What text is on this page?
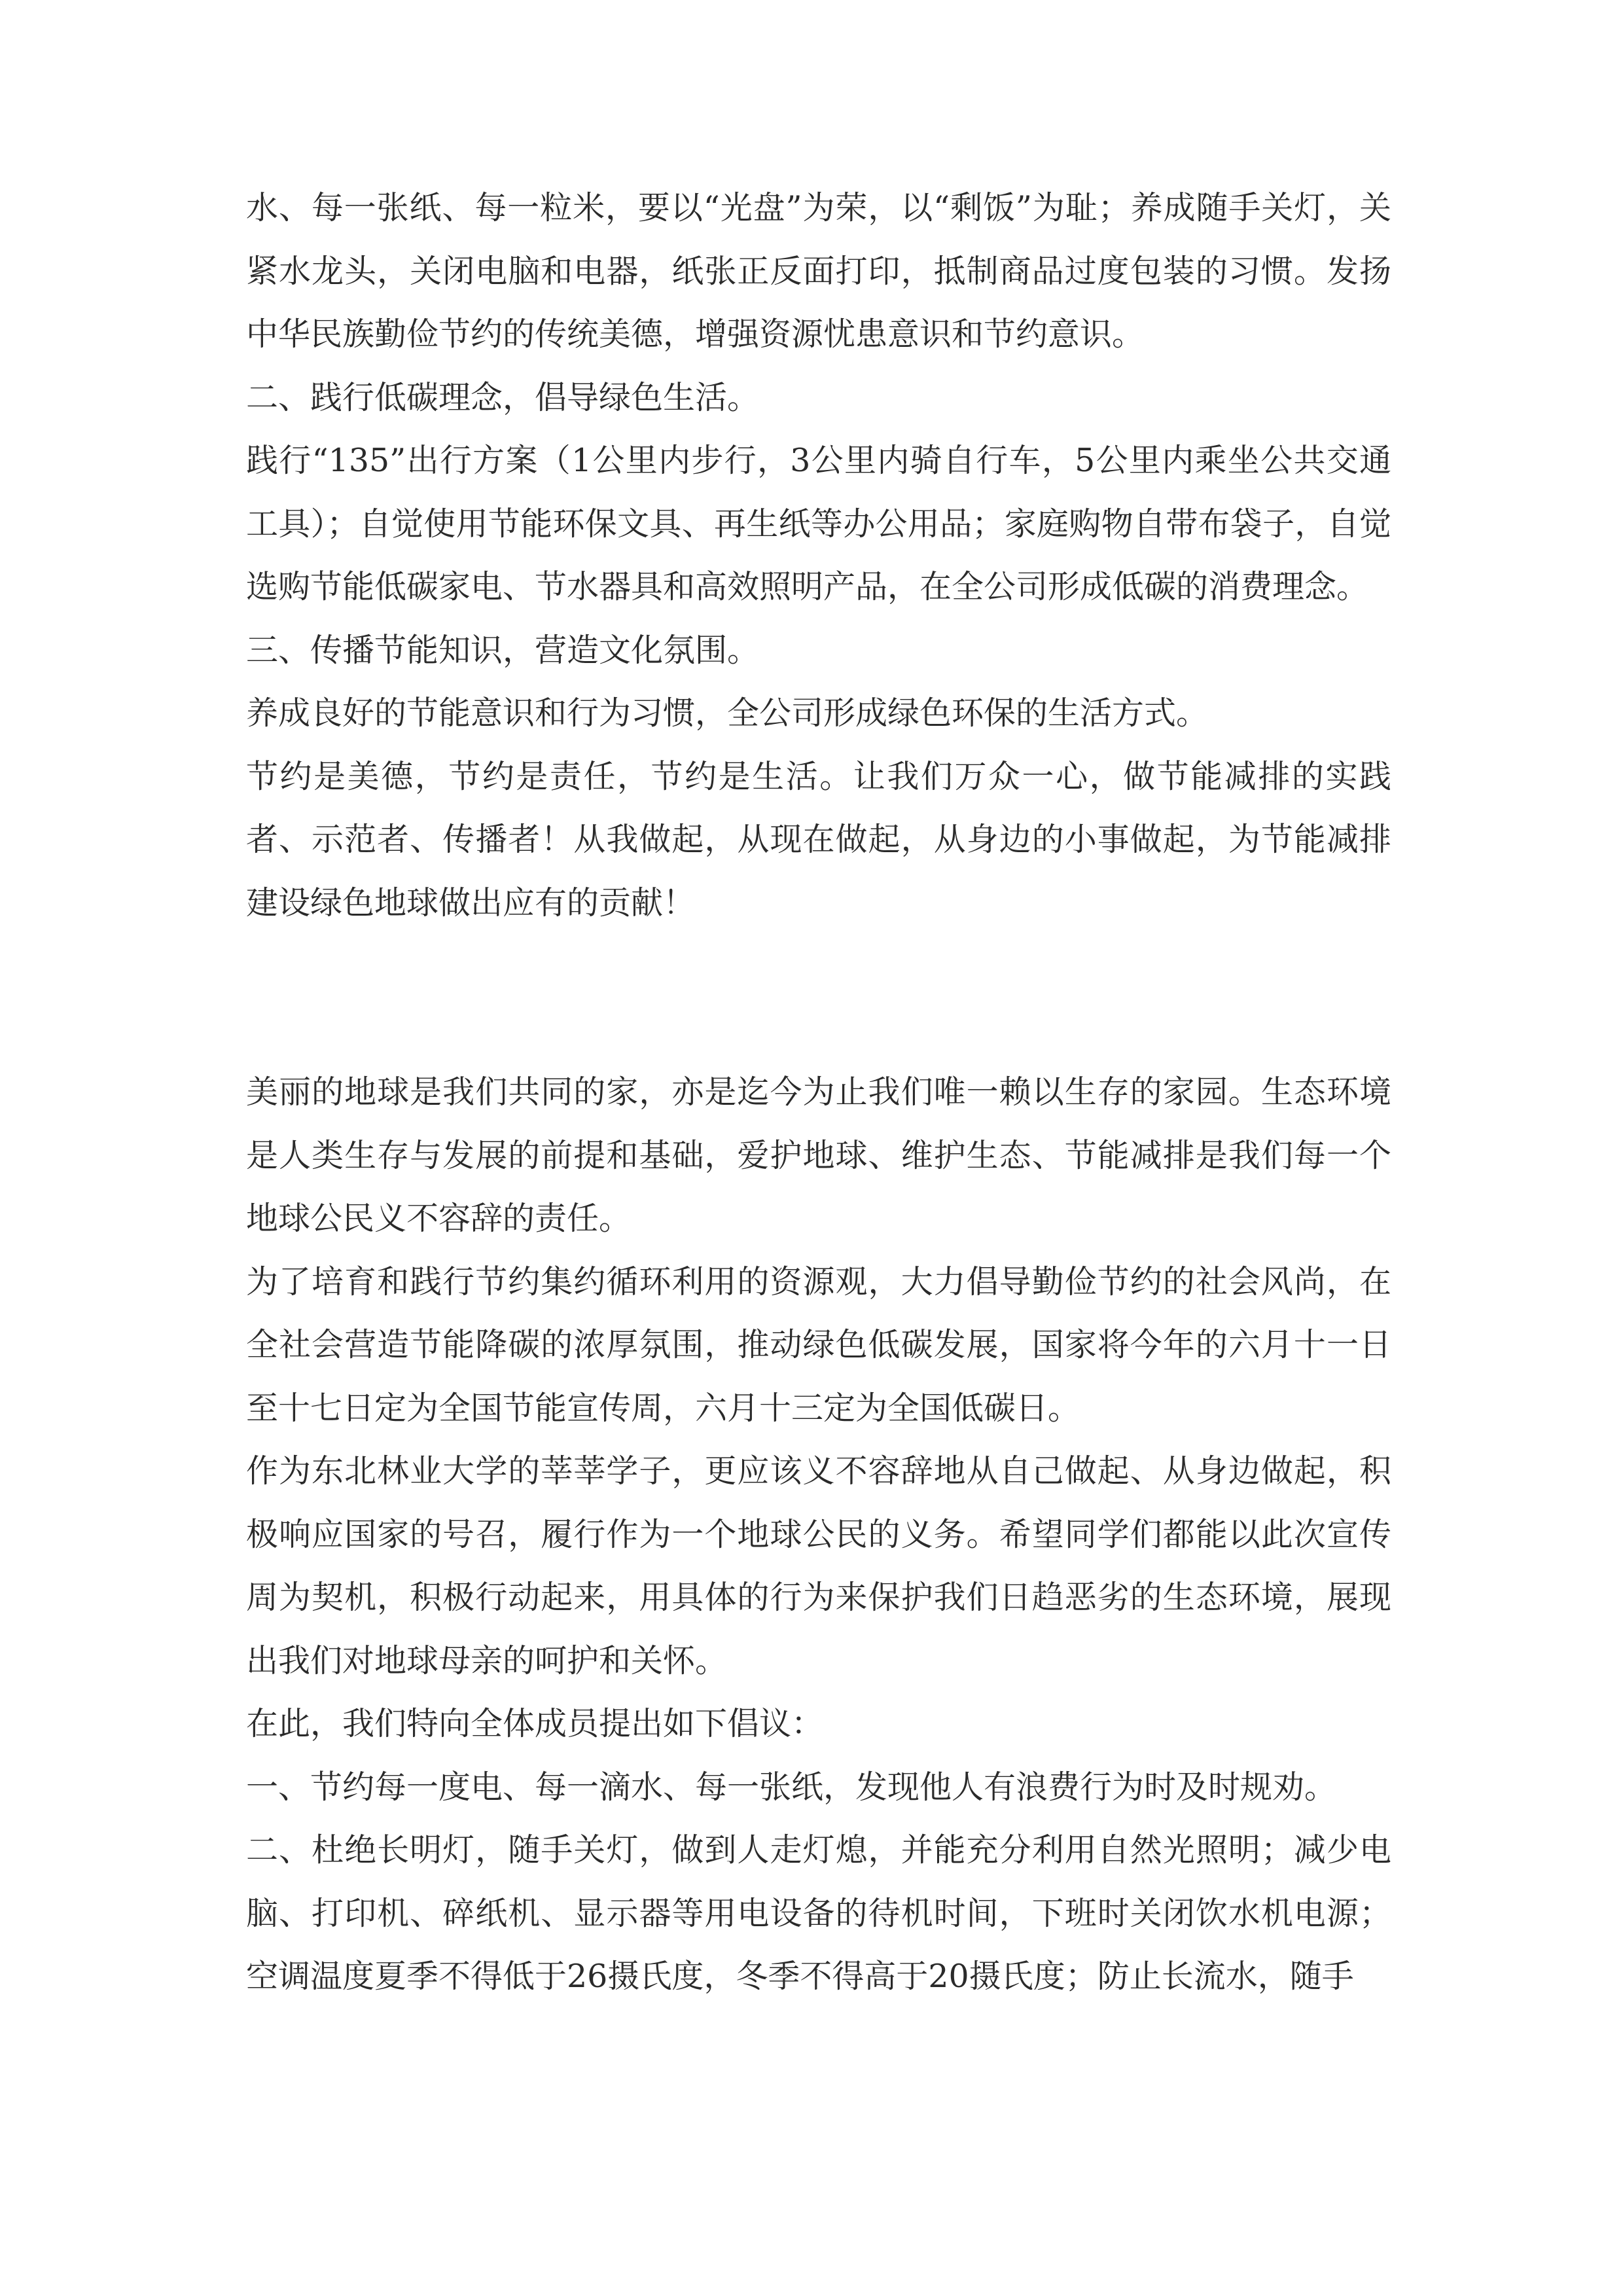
水、每一张纸、每一粒米，要以“光盘”为荣，以“剩饭”为耻；养成随手关灯，关紧水龙头，关闭电脑和电器，纸张正反面打印，抵制商品过度包装的习惯。发扬中华民族勤俭节约的传统美德，增强资源忧患意识和节约意识。

二、践行低碳理念，倡导绿色生活。

践行“135”出行方案（1公里内步行，3公里内骑自行车，5公里内乘坐公共交通工具）；自觉使用节能环保文具、再生纸等办公用品；家庭购物自带布袋子，自觉选购节能低碳家电、节水器具和高效照明产品，在全公司形成低碳的消费理念。

三、传播节能知识，营造文化氛围。

养成良好的节能意识和行为习惯，全公司形成绿色环保的生活方式。

节约是美德，节约是责任，节约是生活。让我们万众一心，做节能减排的实践者、示范者、传播者！从我做起，从现在做起，从身边的小事做起，为节能减排建设绿色地球做出应有的贡献！

美丽的地球是我们共同的家，亦是迄今为止我们唯一赖以生存的家园。生态环境是人类生存与发展的前提和基础，爱护地球、维护生态、节能减排是我们每一个地球公民义不容辞的责任。

为了培育和践行节约集约循环利用的资源观，大力倡导勤俭节约的社会风尚，在全社会营造节能降碳的浓厚氛围，推动绿色低碳发展，国家将今年的六月十一日至十七日定为全国节能宣传周，六月十三定为全国低碳日。

作为东北林业大学的莘莘学子，更应该义不容辞地从自己做起、从身边做起，积极响应国家的号召，履行作为一个地球公民的义务。希望同学们都能以此次宣传周为契机，积极行动起来，用具体的行为来保护我们日趋恶劣的生态环境，展现出我们对地球母亲的呵护和关怀。

在此，我们特向全体成员提出如下倡议：

一、节约每一度电、每一滴水、每一张纸，发现他人有浪费行为时及时规劝。

二、杜绝长明灯，随手关灯，做到人走灯熄，并能充分利用自然光照明；减少电脑、打印机、碎纸机、显示器等用电设备的待机时间，下班时关闭饮水机电源；空调温度夏季不得低于26摄氏度，冬季不得高于20摄氏度；防止长流水，随手
